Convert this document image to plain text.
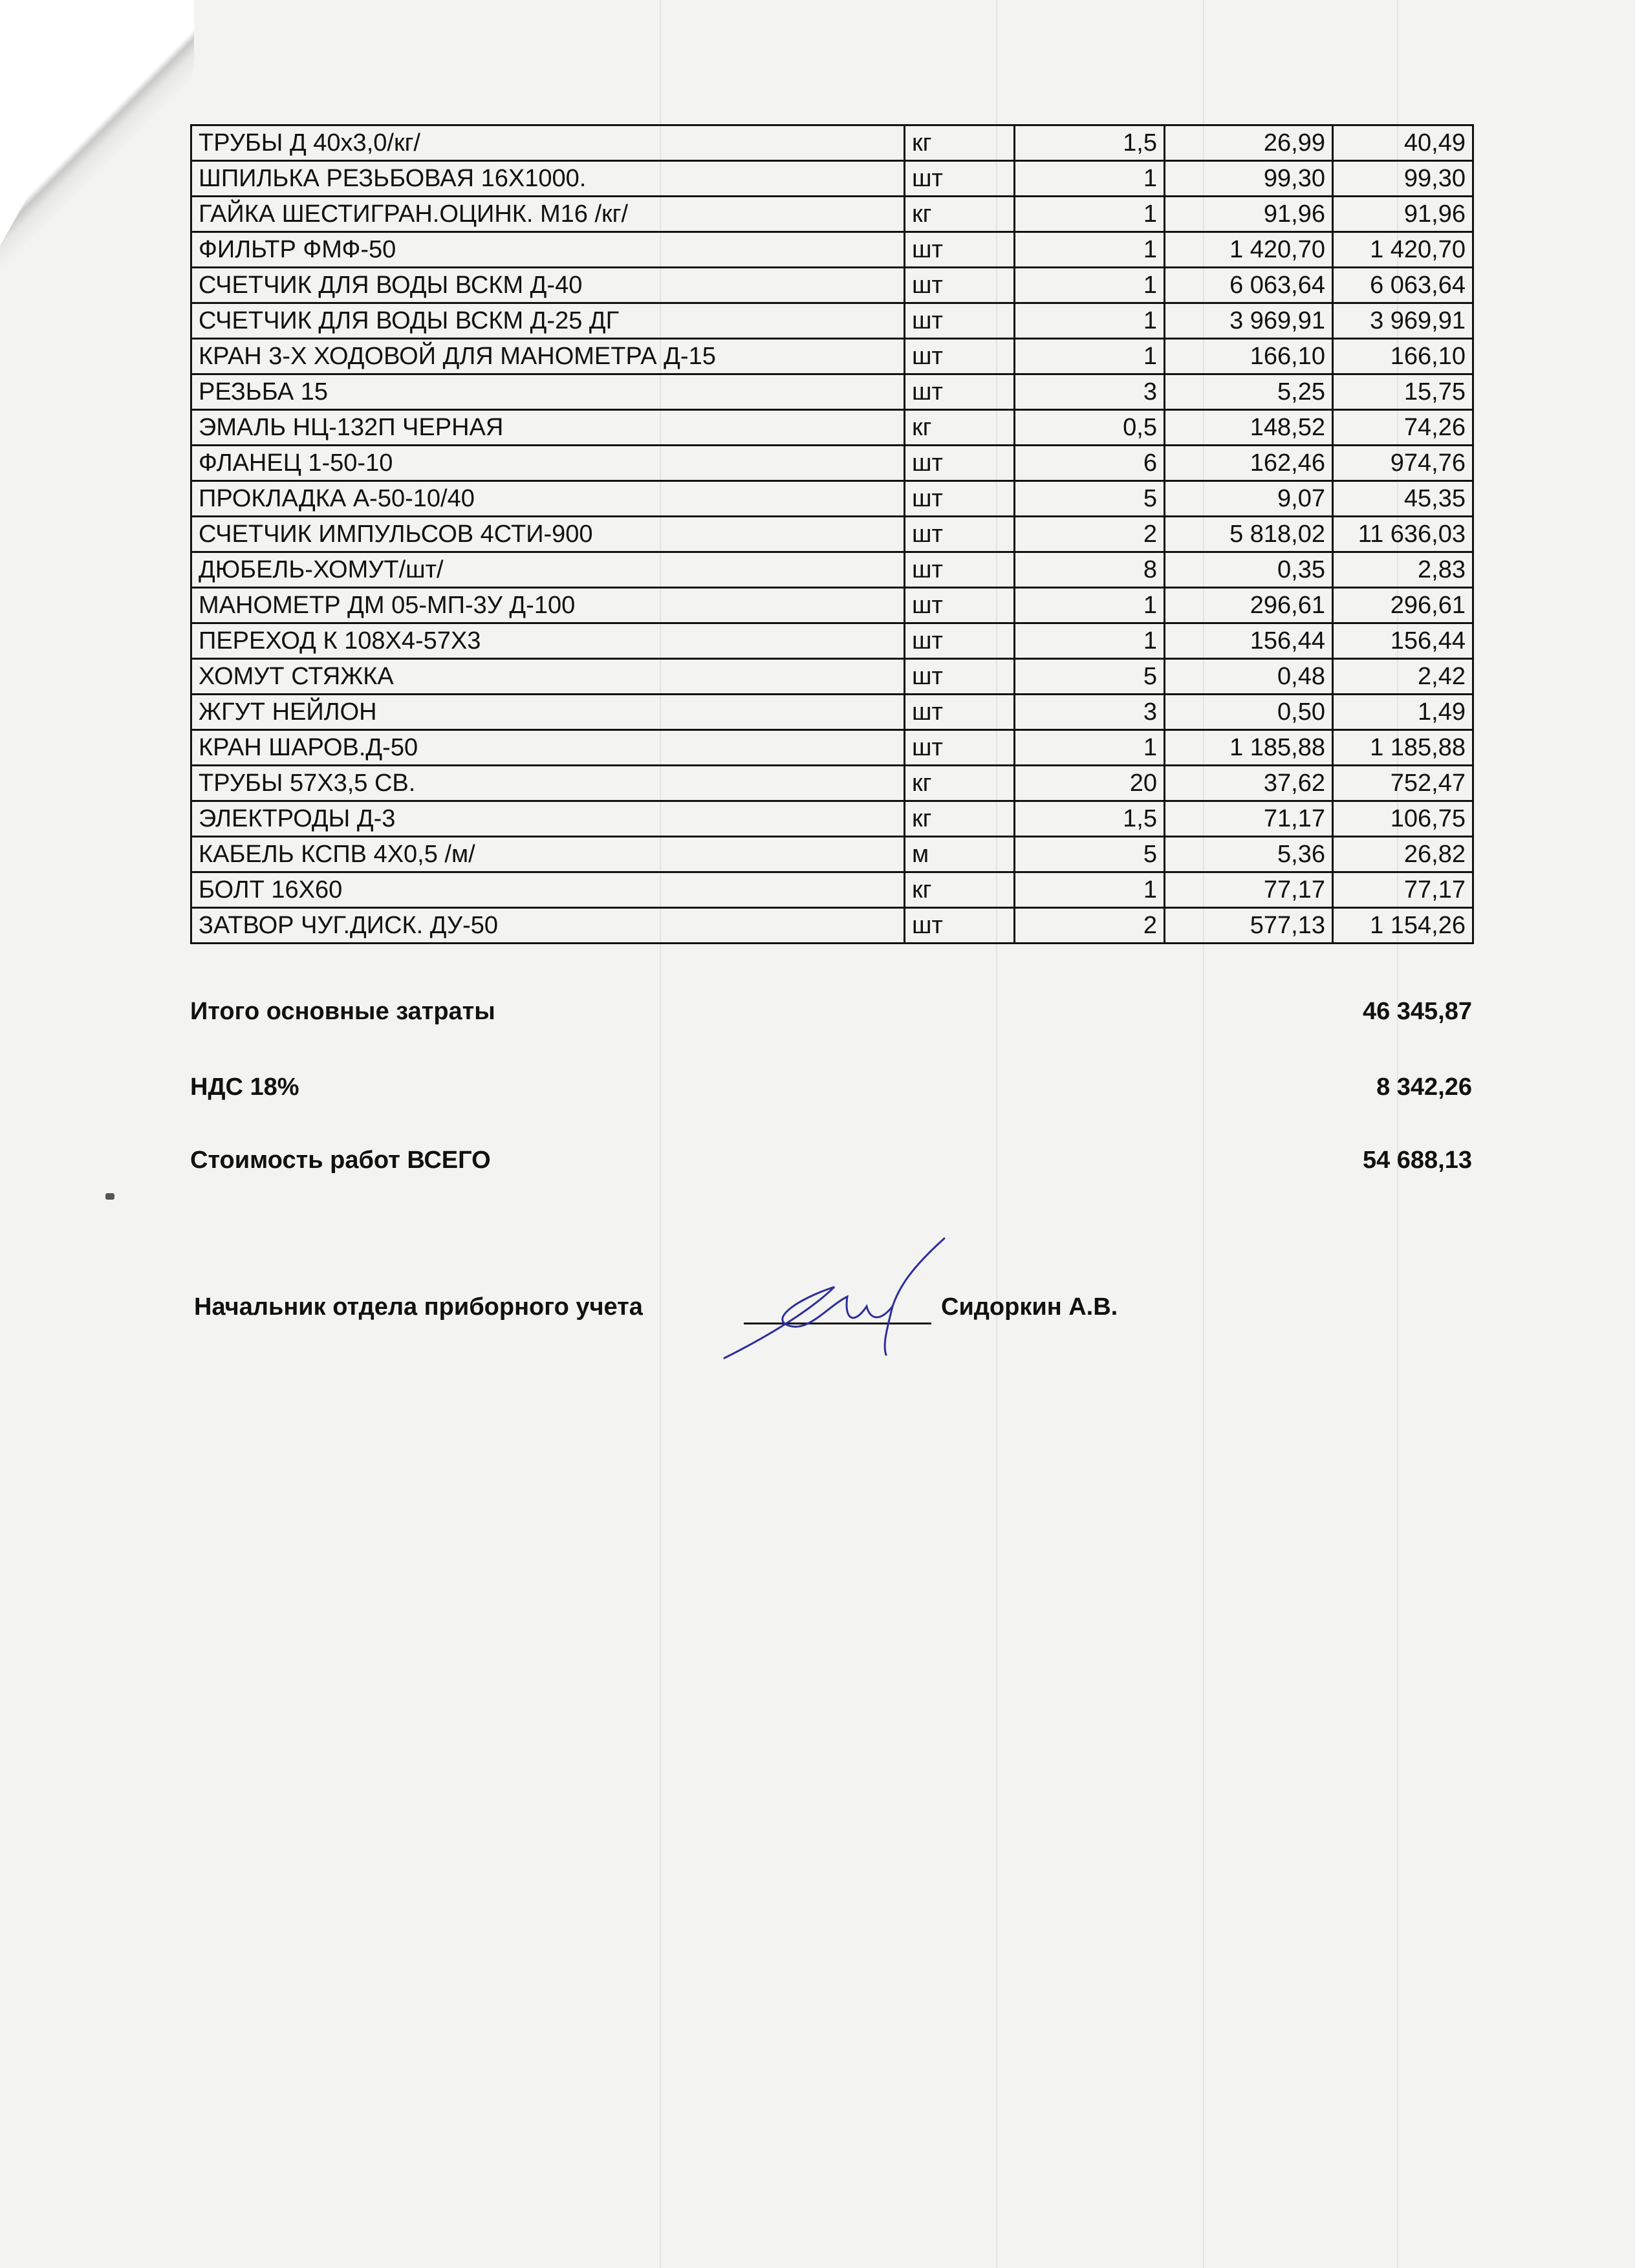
ТРУБЫ Д 40х3,0/кг/	кг	1,5	26,99	40,49
ШПИЛЬКА РЕЗЬБОВАЯ 16Х1000.	шт	1	99,30	99,30
ГАЙКА ШЕСТИГРАН.ОЦИНК. М16 /кг/	кг	1	91,96	91,96
ФИЛЬТР ФМФ-50	шт	1	1 420,70	1 420,70
СЧЕТЧИК ДЛЯ ВОДЫ ВСКМ Д-40	шт	1	6 063,64	6 063,64
СЧЕТЧИК ДЛЯ ВОДЫ ВСКМ Д-25 ДГ	шт	1	3 969,91	3 969,91
КРАН 3-Х ХОДОВОЙ ДЛЯ МАНОМЕТРА Д-15	шт	1	166,10	166,10
РЕЗЬБА 15	шт	3	5,25	15,75
ЭМАЛЬ НЦ-132П ЧЕРНАЯ	кг	0,5	148,52	74,26
ФЛАНЕЦ 1-50-10	шт	6	162,46	974,76
ПРОКЛАДКА А-50-10/40	шт	5	9,07	45,35
СЧЕТЧИК ИМПУЛЬСОВ 4СТИ-900	шт	2	5 818,02	11 636,03
ДЮБЕЛЬ-ХОМУТ/шт/	шт	8	0,35	2,83
МАНОМЕТР ДМ 05-МП-3У Д-100	шт	1	296,61	296,61
ПЕРЕХОД К 108Х4-57Х3	шт	1	156,44	156,44
ХОМУТ СТЯЖКА	шт	5	0,48	2,42
ЖГУТ НЕЙЛОН	шт	3	0,50	1,49
КРАН ШАРОВ.Д-50	шт	1	1 185,88	1 185,88
ТРУБЫ 57Х3,5 СВ.	кг	20	37,62	752,47
ЭЛЕКТРОДЫ Д-3	кг	1,5	71,17	106,75
КАБЕЛЬ КСПВ 4Х0,5 /м/	м	5	5,36	26,82
БОЛТ 16Х60	кг	1	77,17	77,17
ЗАТВОР ЧУГ.ДИСК. ДУ-50	шт	2	577,13	1 154,26
Итого основные затраты	46 345,87
НДС 18%	8 342,26
Стоимость работ ВСЕГО	54 688,13
Начальник отдела приборного учета	Сидоркин А.В.
